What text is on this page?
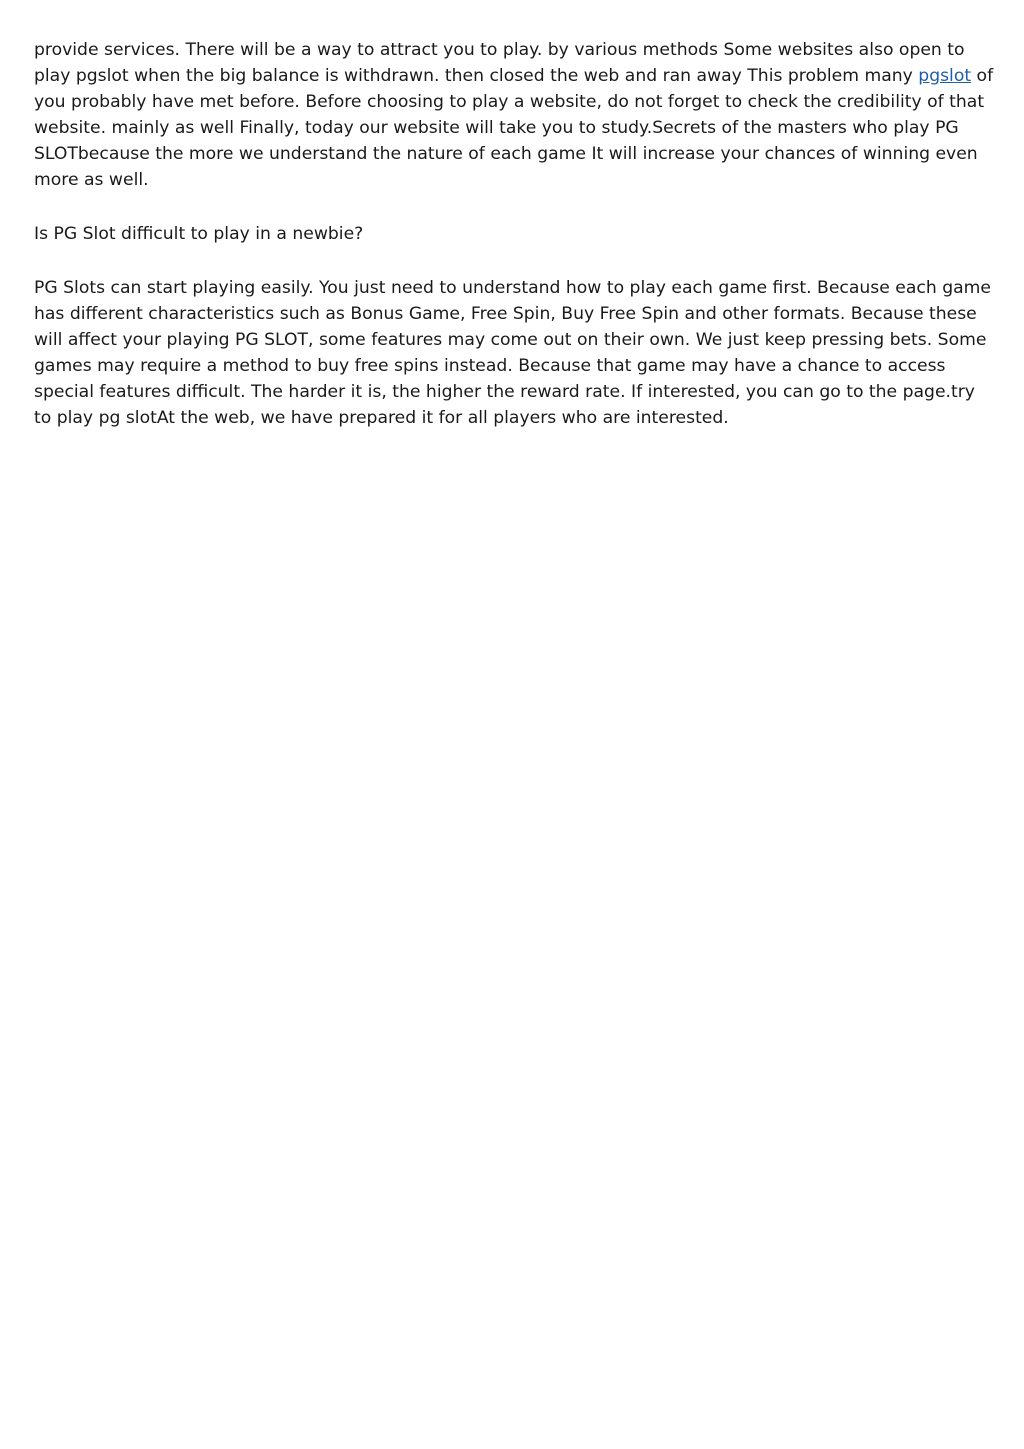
provide services. There will be a way to attract you to play. by various methods Some websites also open to play pgslot when the big balance is withdrawn. then closed the web and ran away This problem many pgslot of you probably have met before. Before choosing to play a website, do not forget to check the credibility of that website. mainly as well Finally, today our website will take you to study.Secrets of the masters who play PG SLOTbecause the more we understand the nature of each game It will increase your chances of winning even more as well.

Is PG Slot difficult to play in a newbie?

PG Slots can start playing easily. You just need to understand how to play each game first. Because each game has different characteristics such as Bonus Game, Free Spin, Buy Free Spin and other formats. Because these will affect your playing PG SLOT, some features may come out on their own. We just keep pressing bets. Some games may require a method to buy free spins instead. Because that game may have a chance to access special features difficult. The harder it is, the higher the reward rate. If interested, you can go to the page.try to play pg slotAt the web, we have prepared it for all players who are interested.
